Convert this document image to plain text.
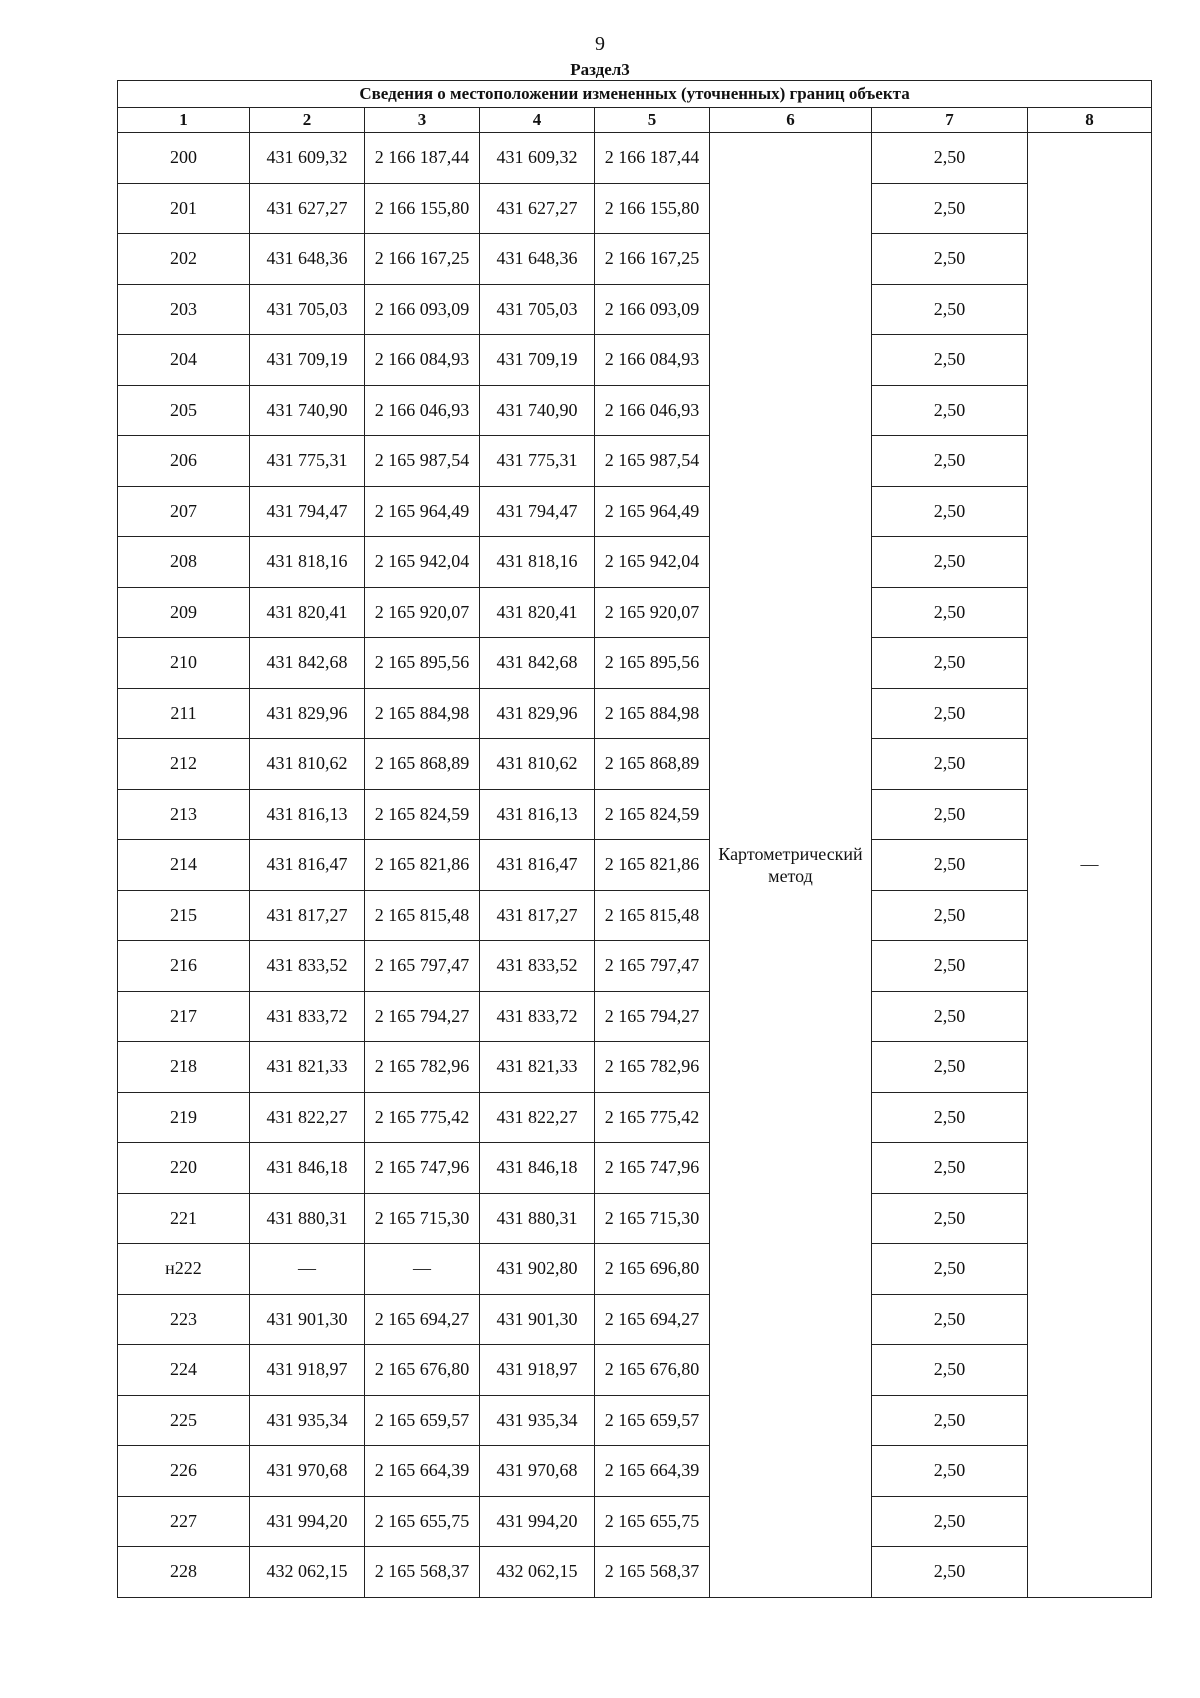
9
Раздел3
Сведения о местоположении измененных (уточненных) границ объекта							
1	2	3	4	5	6	7	8
200	431 609,32	2 166 187,44	431 609,32	2 166 187,44	Картометрический метод	2,50	—
201	431 627,27	2 166 155,80	431 627,27	2 166 155,80		2,50	
202	431 648,36	2 166 167,25	431 648,36	2 166 167,25		2,50	
203	431 705,03	2 166 093,09	431 705,03	2 166 093,09		2,50	
204	431 709,19	2 166 084,93	431 709,19	2 166 084,93		2,50	
205	431 740,90	2 166 046,93	431 740,90	2 166 046,93		2,50	
206	431 775,31	2 165 987,54	431 775,31	2 165 987,54		2,50	
207	431 794,47	2 165 964,49	431 794,47	2 165 964,49		2,50	
208	431 818,16	2 165 942,04	431 818,16	2 165 942,04		2,50	
209	431 820,41	2 165 920,07	431 820,41	2 165 920,07		2,50	
210	431 842,68	2 165 895,56	431 842,68	2 165 895,56		2,50	
211	431 829,96	2 165 884,98	431 829,96	2 165 884,98		2,50	
212	431 810,62	2 165 868,89	431 810,62	2 165 868,89		2,50	
213	431 816,13	2 165 824,59	431 816,13	2 165 824,59		2,50	
214	431 816,47	2 165 821,86	431 816,47	2 165 821,86		2,50	
215	431 817,27	2 165 815,48	431 817,27	2 165 815,48		2,50	
216	431 833,52	2 165 797,47	431 833,52	2 165 797,47		2,50	
217	431 833,72	2 165 794,27	431 833,72	2 165 794,27		2,50	
218	431 821,33	2 165 782,96	431 821,33	2 165 782,96		2,50	
219	431 822,27	2 165 775,42	431 822,27	2 165 775,42		2,50	
220	431 846,18	2 165 747,96	431 846,18	2 165 747,96		2,50	
221	431 880,31	2 165 715,30	431 880,31	2 165 715,30		2,50	
н222	—	—	431 902,80	2 165 696,80		2,50	
223	431 901,30	2 165 694,27	431 901,30	2 165 694,27		2,50	
224	431 918,97	2 165 676,80	431 918,97	2 165 676,80		2,50	
225	431 935,34	2 165 659,57	431 935,34	2 165 659,57		2,50	
226	431 970,68	2 165 664,39	431 970,68	2 165 664,39		2,50	
227	431 994,20	2 165 655,75	431 994,20	2 165 655,75		2,50	
228	432 062,15	2 165 568,37	432 062,15	2 165 568,37		2,50	
